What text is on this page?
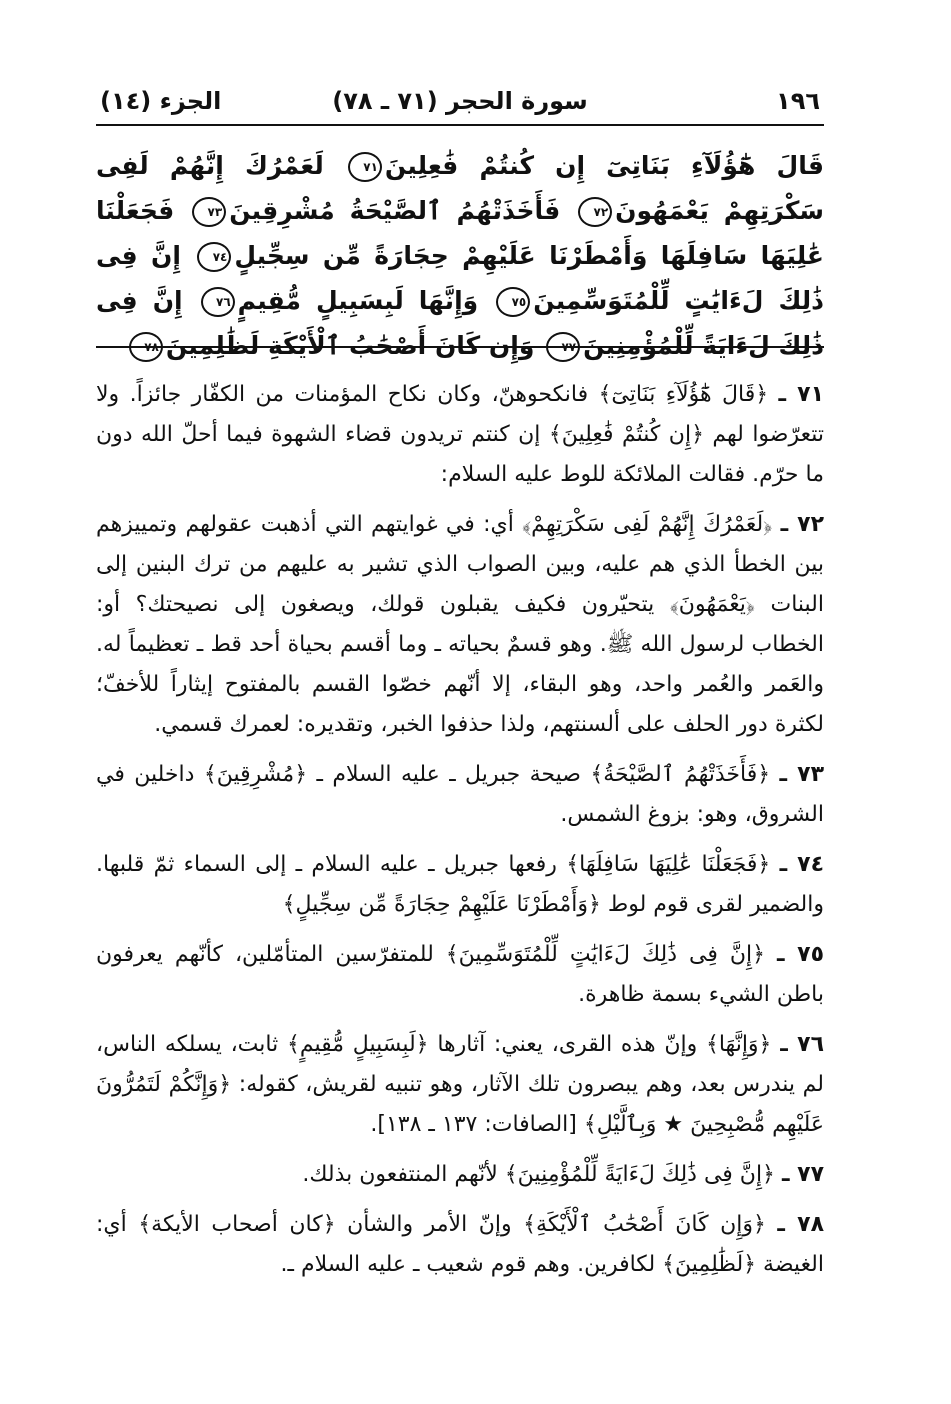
١٩٦
سورة الحجر (٧١ ـ ٧٨)
الجزء (١٤)
قَالَ هَٰٓؤُلَآءِ بَنَاتِىٓ إِن كُنتُمْ فَٰعِلِينَ٧١ لَعَمْرُكَ إِنَّهُمْ لَفِى سَكْرَتِهِمْ يَعْمَهُونَ٧٢ فَأَخَذَتْهُمُ ٱلصَّيْحَةُ مُشْرِقِينَ٧٣ فَجَعَلْنَا عَٰلِيَهَا سَافِلَهَا وَأَمْطَرْنَا عَلَيْهِمْ حِجَارَةً مِّن سِجِّيلٍ٧٤ إِنَّ فِى ذَٰلِكَ لَءَايَٰتٍ لِّلْمُتَوَسِّمِينَ٧٥ وَإِنَّهَا لَبِسَبِيلٍ مُّقِيمٍ٧٦ إِنَّ فِى ذَٰلِكَ لَءَايَةً لِّلْمُؤْمِنِينَ٧٧ وَإِن كَانَ أَصْحَٰبُ ٱلْأَيْكَةِ لَظَٰلِمِينَ٧٨

٧١ ـ ﴿قَالَ هَٰٓؤُلَآءِ بَنَاتِىٓ﴾ فانكحوهنّ، وكان نكاح المؤمنات من الكفّار جائزاً. ولا تتعرّضوا لهم ﴿إِن كُنتُمْ فَٰعِلِينَ﴾ إن كنتم تريدون قضاء الشهوة فيما أحلّ الله دون ما حرّم. فقالت الملائكة للوط عليه السلام:

٧٢ ـ ﴿لَعَمْرُكَ إِنَّهُمْ لَفِى سَكْرَتِهِمْ﴾ أي: في غوايتهم التي أذهبت عقولهم وتمييزهم بين الخطأ الذي هم عليه، وبين الصواب الذي تشير به عليهم من ترك البنين إلى البنات ﴿يَعْمَهُونَ﴾ يتحيّرون فكيف يقبلون قولك، ويصغون إلى نصيحتك؟ أو: الخطاب لرسول الله ﷺ. وهو قسمٌ بحياته ـ وما أقسم بحياة أحد قط ـ تعظيماً له. والعَمر والعُمر واحد، وهو البقاء، إلا أنّهم خصّوا القسم بالمفتوح إيثاراً للأخفّ؛ لكثرة دور الحلف على ألسنتهم، ولذا حذفوا الخبر، وتقديره: لعمرك قسمي.

٧٣ ـ ﴿فَأَخَذَتْهُمُ ٱلصَّيْحَةُ﴾ صيحة جبريل ـ عليه السلام ـ ﴿مُشْرِقِينَ﴾ داخلين في الشروق، وهو: بزوغ الشمس.

٧٤ ـ ﴿فَجَعَلْنَا عَٰلِيَهَا سَافِلَهَا﴾ رفعها جبريل ـ عليه السلام ـ إلى السماء ثمّ قلبها. والضمير لقرى قوم لوط ﴿وَأَمْطَرْنَا عَلَيْهِمْ حِجَارَةً مِّن سِجِّيلٍ﴾

٧٥ ـ ﴿إِنَّ فِى ذَٰلِكَ لَءَايَٰتٍ لِّلْمُتَوَسِّمِينَ﴾ للمتفرّسين المتأمّلين، كأنّهم يعرفون باطن الشيء بسمة ظاهرة.

٧٦ ـ ﴿وَإِنَّهَا﴾ وإنّ هذه القرى، يعني: آثارها ﴿لَبِسَبِيلٍ مُّقِيمٍ﴾ ثابت، يسلكه الناس، لم يندرس بعد، وهم يبصرون تلك الآثار، وهو تنبيه لقريش، كقوله: ﴿وَإِنَّكُمْ لَتَمُرُّونَ عَلَيْهِم مُّصْبِحِينَ ★ وَبِٱلَّيْلِ﴾ [الصافات: ١٣٧ ـ ١٣٨].

٧٧ ـ ﴿إِنَّ فِى ذَٰلِكَ لَءَايَةً لِّلْمُؤْمِنِينَ﴾ لأنّهم المنتفعون بذلك.

٧٨ ـ ﴿وَإِن كَانَ أَصْحَٰبُ ٱلْأَيْكَةِ﴾ وإنّ الأمر والشأن ﴿كان أصحاب الأيكة﴾ أي: الغيضة ﴿لَظَٰلِمِينَ﴾ لكافرين. وهم قوم شعيب ـ عليه السلام ـ.
